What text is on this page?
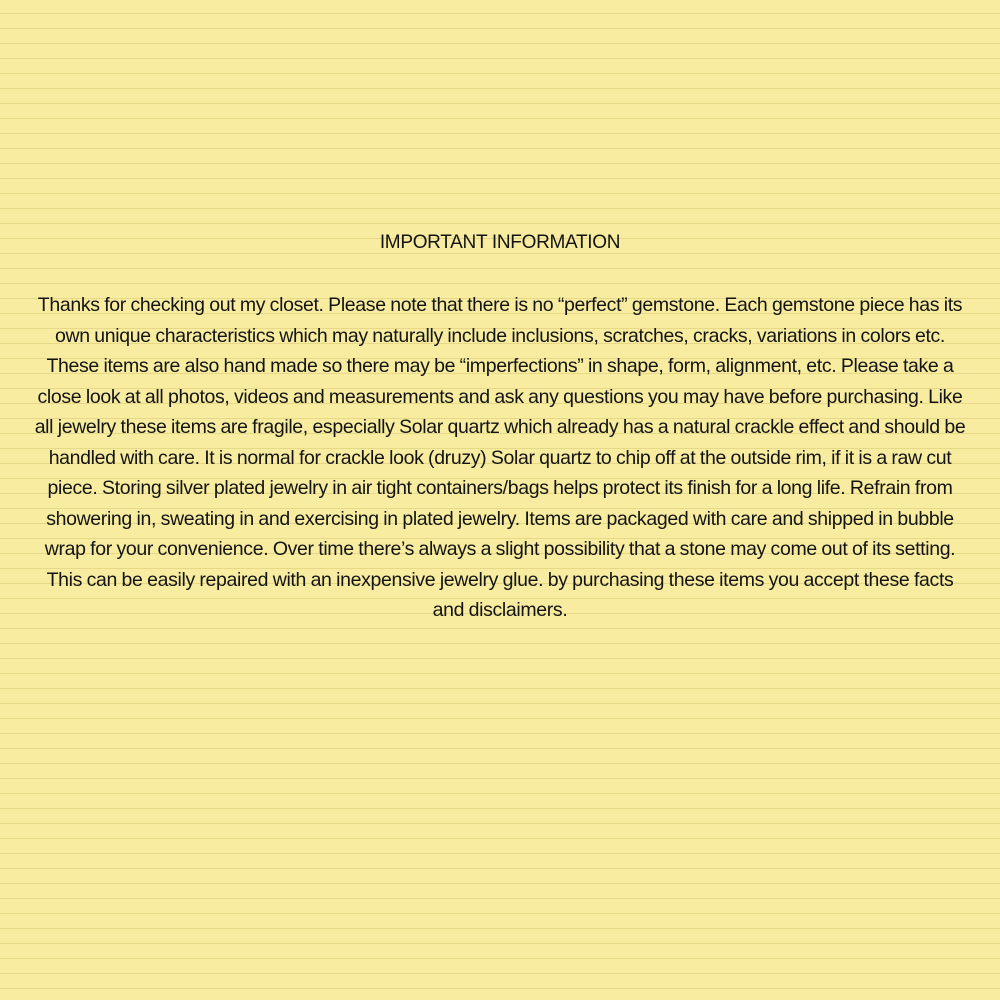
IMPORTANT INFORMATION

Thanks for checking out my closet. Please note that there is no “perfect” gemstone. Each gemstone piece has its own unique characteristics which may naturally include inclusions, scratches, cracks, variations in colors etc. These items are also hand made so there may be “imperfections” in shape, form, alignment, etc. Please take a close look at all photos, videos and measurements and ask any questions you may have before purchasing. Like all jewelry these items are fragile, especially Solar quartz which already has a natural crackle effect and should be handled with care. It is normal for crackle look (druzy) Solar quartz to chip off at the outside rim, if it is a raw cut piece. Storing silver plated jewelry in air tight containers/bags helps protect its finish for a long life. Refrain from showering in, sweating in and exercising in plated jewelry. Items are packaged with care and shipped in bubble wrap for your convenience. Over time there’s always a slight possibility that a stone may come out of its setting. This can be easily repaired with an inexpensive jewelry glue. by purchasing these items you accept these facts and disclaimers.
